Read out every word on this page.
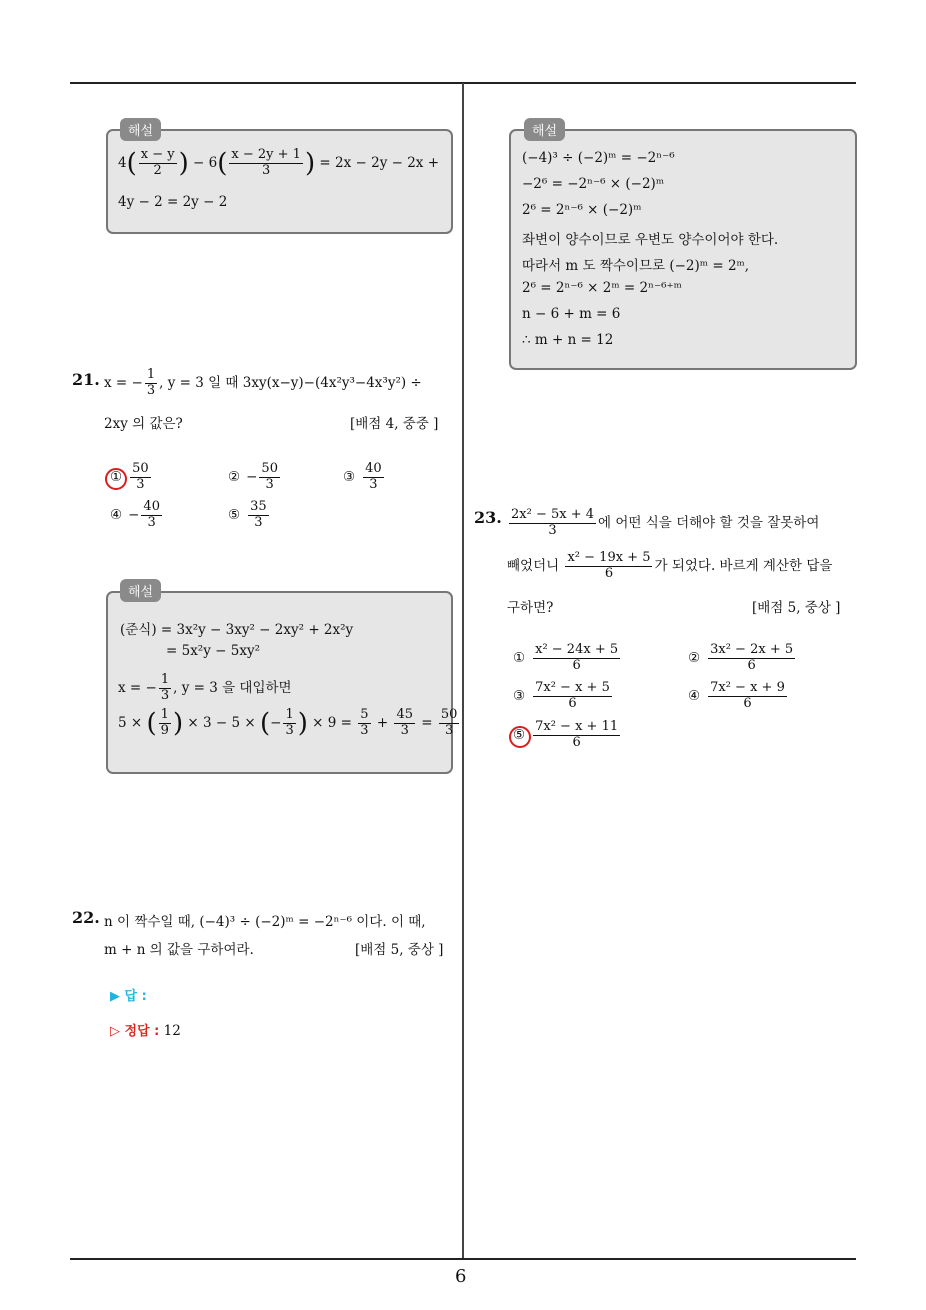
6
해설
$4( \frac{x - y}{2}$ ) − $6( \frac{x - 2y + 1}{3}$ ) = 2x − 2y − 2x +
4y − 2 = 2y − 2
21. x = − $\frac{1}{3}$ , y = 3 일 때 3xy(x−y)−(4x²y³−4x³y²) ÷
2xy 의 값은?	[배점 4, 중중 ]
① $\frac{50}{3}$	② − $\frac{50}{3}$	③ $\frac{40}{3}$
④ − $\frac{40}{3}$	⑤ $\frac{35}{3}$
해설
(준식) = 3x²y − 3xy² − 2xy² + 2x²y
= 5x²y − 5xy²
x = − $\frac{1}{3}$ , y = 3 을 대입하면
5 × ( $\frac{1}{9}$ ) × 3 − 5 × (− $\frac{1}{3}$ ) × $9 = \frac{5}{3} + \frac{45}{3} = \frac{50}{3}$
22. n 이 짝수일 때, (−4)³ ÷ (−2)ᵐ = −2ⁿ⁻⁶ 이다. 이 때,
m + n 의 값을 구하여라.	[배점 5, 중상 ]
▶ 답 :
▷ 정답 : 12
해설
(−4)³ ÷ (−2)ᵐ = −2ⁿ⁻⁶
−2⁶ = −2ⁿ⁻⁶ × (−2)ᵐ
2⁶ = 2ⁿ⁻⁶ × (−2)ᵐ
좌변이 양수이므로 우변도 양수이어야 한다.
따라서 m 도 짝수이므로 (−2)ᵐ = 2ᵐ,
2⁶ = 2ⁿ⁻⁶ × 2ᵐ = 2ⁿ⁻⁶⁺ᵐ
n − 6 + m = 6
∴ m + n = 12
23. $\frac{\text{2x² − 5x + 4}}{3}$ 에 어떤 식을 더해야 할 것을 잘못하여
빼었더니 $\frac{\text{x² − 19x + 5}}{6}$ 가 되었다. 바르게 계산한 답을
구하면?	[배점 5, 중상 ]
① $\frac{\text{x² − 24x + 5}}{6}$	② $\frac{\text{3x² − 2x + 5}}{6}$
③ $\frac{\text{7x² − x + 5}}{6}$	④ $\frac{\text{7x² − x + 9}}{6}$
⑤ $\frac{\text{7x² − x + 11}}{6}$
